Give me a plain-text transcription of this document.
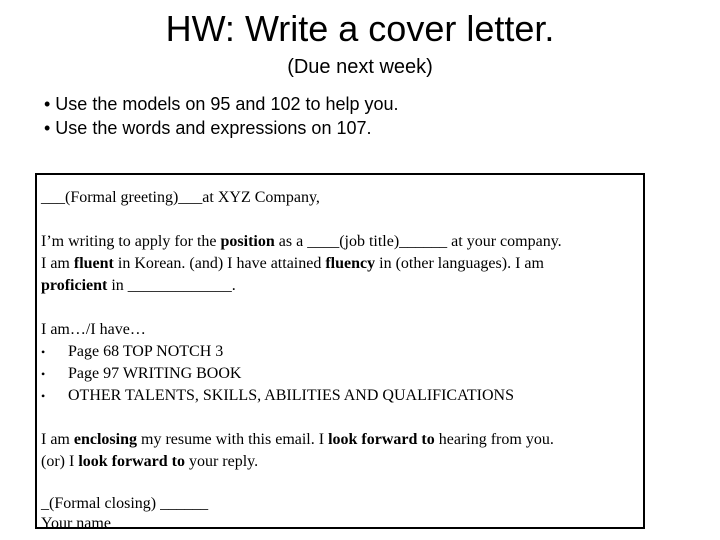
HW: Write a cover letter.
(Due next week)
• Use the models on 95 and 102 to help you.
• Use the words and expressions on 107.
___(Formal greeting)___at XYZ Company,
I’m writing to apply for the position as a ____(job title)______ at your company.
I am fluent in Korean. (and) I have attained fluency in (other languages). I am
proficient in _____________.
I am…/I have…
• Page 68 TOP NOTCH 3
• Page 97 WRITING BOOK
• OTHER TALENTS, SKILLS, ABILITIES AND QUALIFICATIONS
I am enclosing my resume with this email. I look forward to hearing from you.
(or) I look forward to your reply.
_(Formal closing) ______
Your name
